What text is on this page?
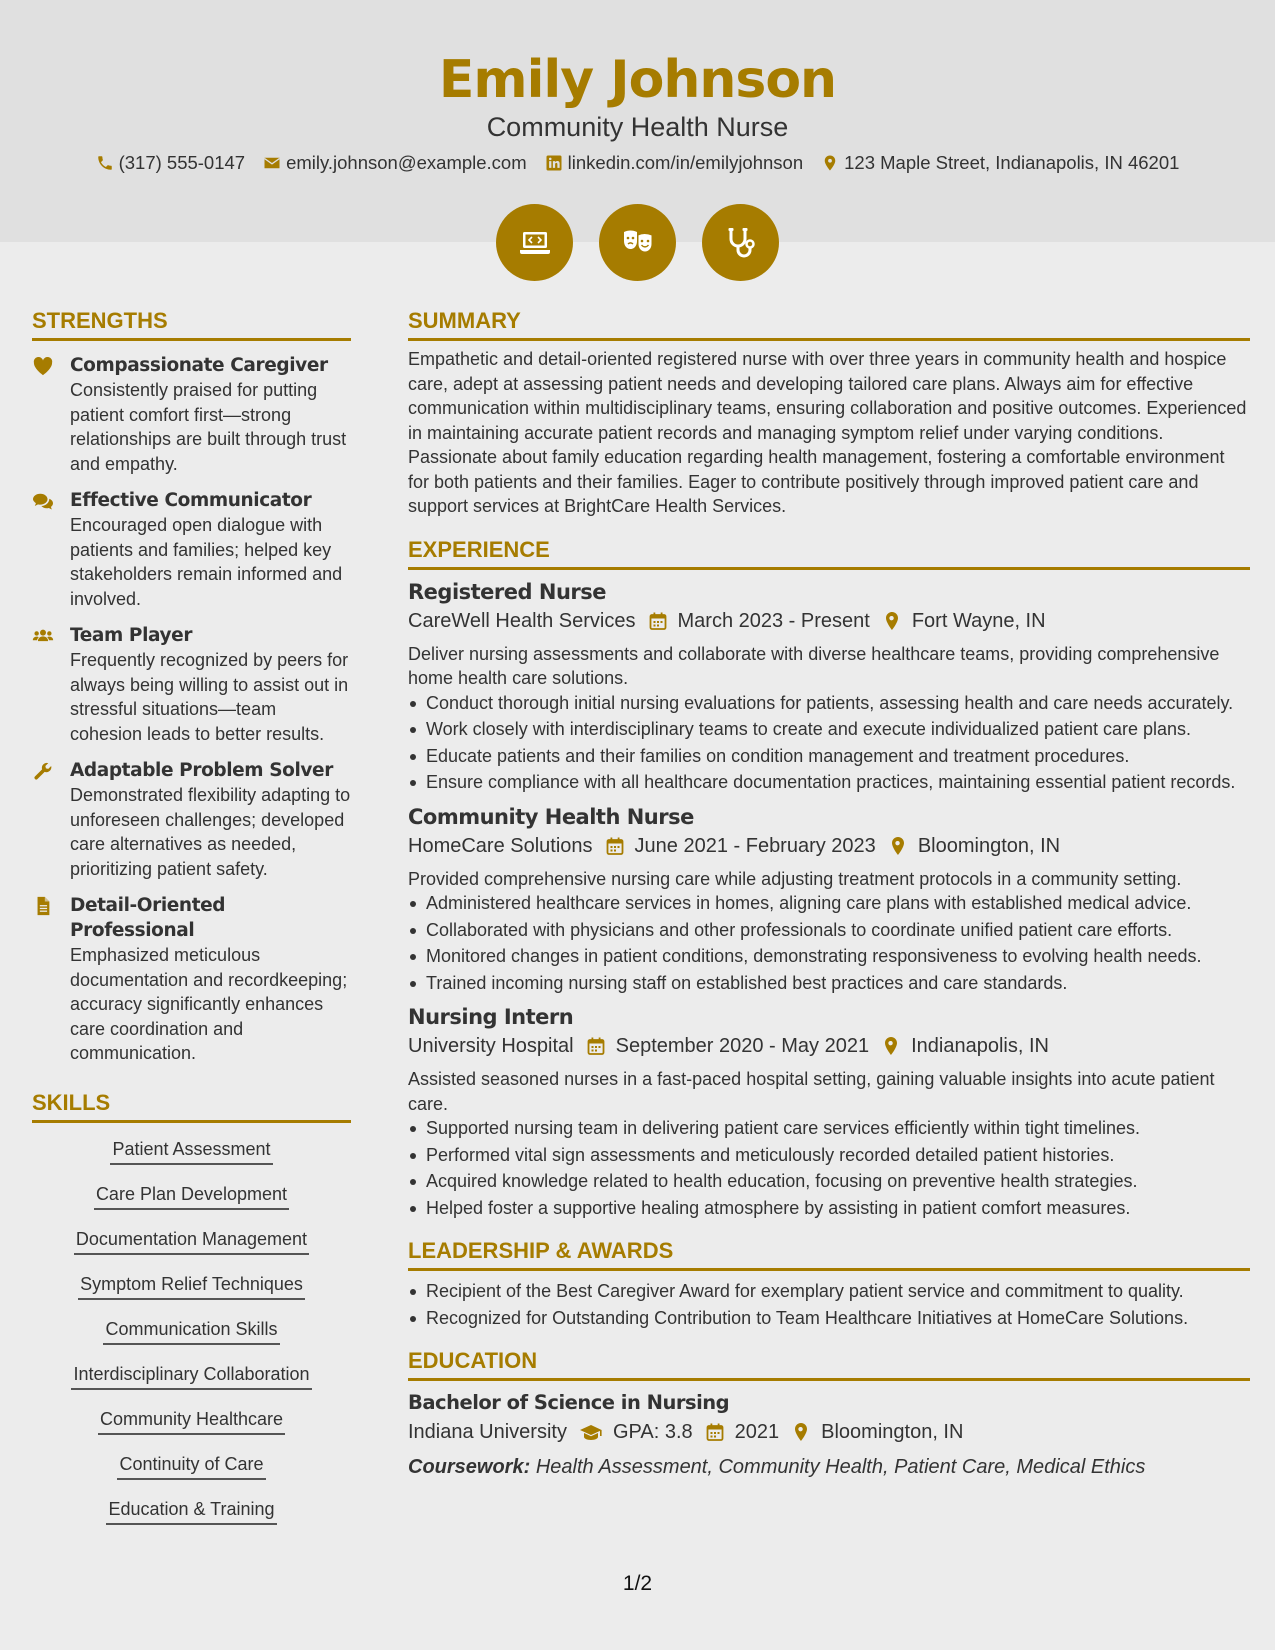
Emily Johnson
Community Health Nurse
(317) 555-0147 emily.johnson@example.com linkedin.com/in/emilyjohnson 123 Maple Street, Indianapolis, IN 46201
STRENGTHS
Compassionate Caregiver
Consistently praised for putting patient comfort first—strong relationships are built through trust and empathy.
Effective Communicator
Encouraged open dialogue with patients and families; helped key stakeholders remain informed and involved.
Team Player
Frequently recognized by peers for always being willing to assist out in stressful situations—team cohesion leads to better results.
Adaptable Problem Solver
Demonstrated flexibility adapting to unforeseen challenges; developed care alternatives as needed, prioritizing patient safety.
Detail-Oriented Professional
Emphasized meticulous documentation and recordkeeping; accuracy significantly enhances care coordination and communication.
SKILLS
Patient Assessment
Care Plan Development
Documentation Management
Symptom Relief Techniques
Communication Skills
Interdisciplinary Collaboration
Community Healthcare
Continuity of Care
Education & Training
SUMMARY
Empathetic and detail-oriented registered nurse with over three years in community health and hospice care, adept at assessing patient needs and developing tailored care plans. Always aim for effective communication within multidisciplinary teams, ensuring collaboration and positive outcomes. Experienced in maintaining accurate patient records and managing symptom relief under varying conditions. Passionate about family education regarding health management, fostering a comfortable environment for both patients and their families. Eager to contribute positively through improved patient care and support services at BrightCare Health Services.
EXPERIENCE
Registered Nurse
CareWell Health Services March 2023 - Present Fort Wayne, IN
Deliver nursing assessments and collaborate with diverse healthcare teams, providing comprehensive home health care solutions.
Conduct thorough initial nursing evaluations for patients, assessing health and care needs accurately.
Work closely with interdisciplinary teams to create and execute individualized patient care plans.
Educate patients and their families on condition management and treatment procedures.
Ensure compliance with all healthcare documentation practices, maintaining essential patient records.
Community Health Nurse
HomeCare Solutions June 2021 - February 2023 Bloomington, IN
Provided comprehensive nursing care while adjusting treatment protocols in a community setting.
Administered healthcare services in homes, aligning care plans with established medical advice.
Collaborated with physicians and other professionals to coordinate unified patient care efforts.
Monitored changes in patient conditions, demonstrating responsiveness to evolving health needs.
Trained incoming nursing staff on established best practices and care standards.
Nursing Intern
University Hospital September 2020 - May 2021 Indianapolis, IN
Assisted seasoned nurses in a fast-paced hospital setting, gaining valuable insights into acute patient care.
Supported nursing team in delivering patient care services efficiently within tight timelines.
Performed vital sign assessments and meticulously recorded detailed patient histories.
Acquired knowledge related to health education, focusing on preventive health strategies.
Helped foster a supportive healing atmosphere by assisting in patient comfort measures.
LEADERSHIP & AWARDS
Recipient of the Best Caregiver Award for exemplary patient service and commitment to quality.
Recognized for Outstanding Contribution to Team Healthcare Initiatives at HomeCare Solutions.
EDUCATION
Bachelor of Science in Nursing
Indiana University GPA: 3.8 2021 Bloomington, IN
Coursework: Health Assessment, Community Health, Patient Care, Medical Ethics
1/2
